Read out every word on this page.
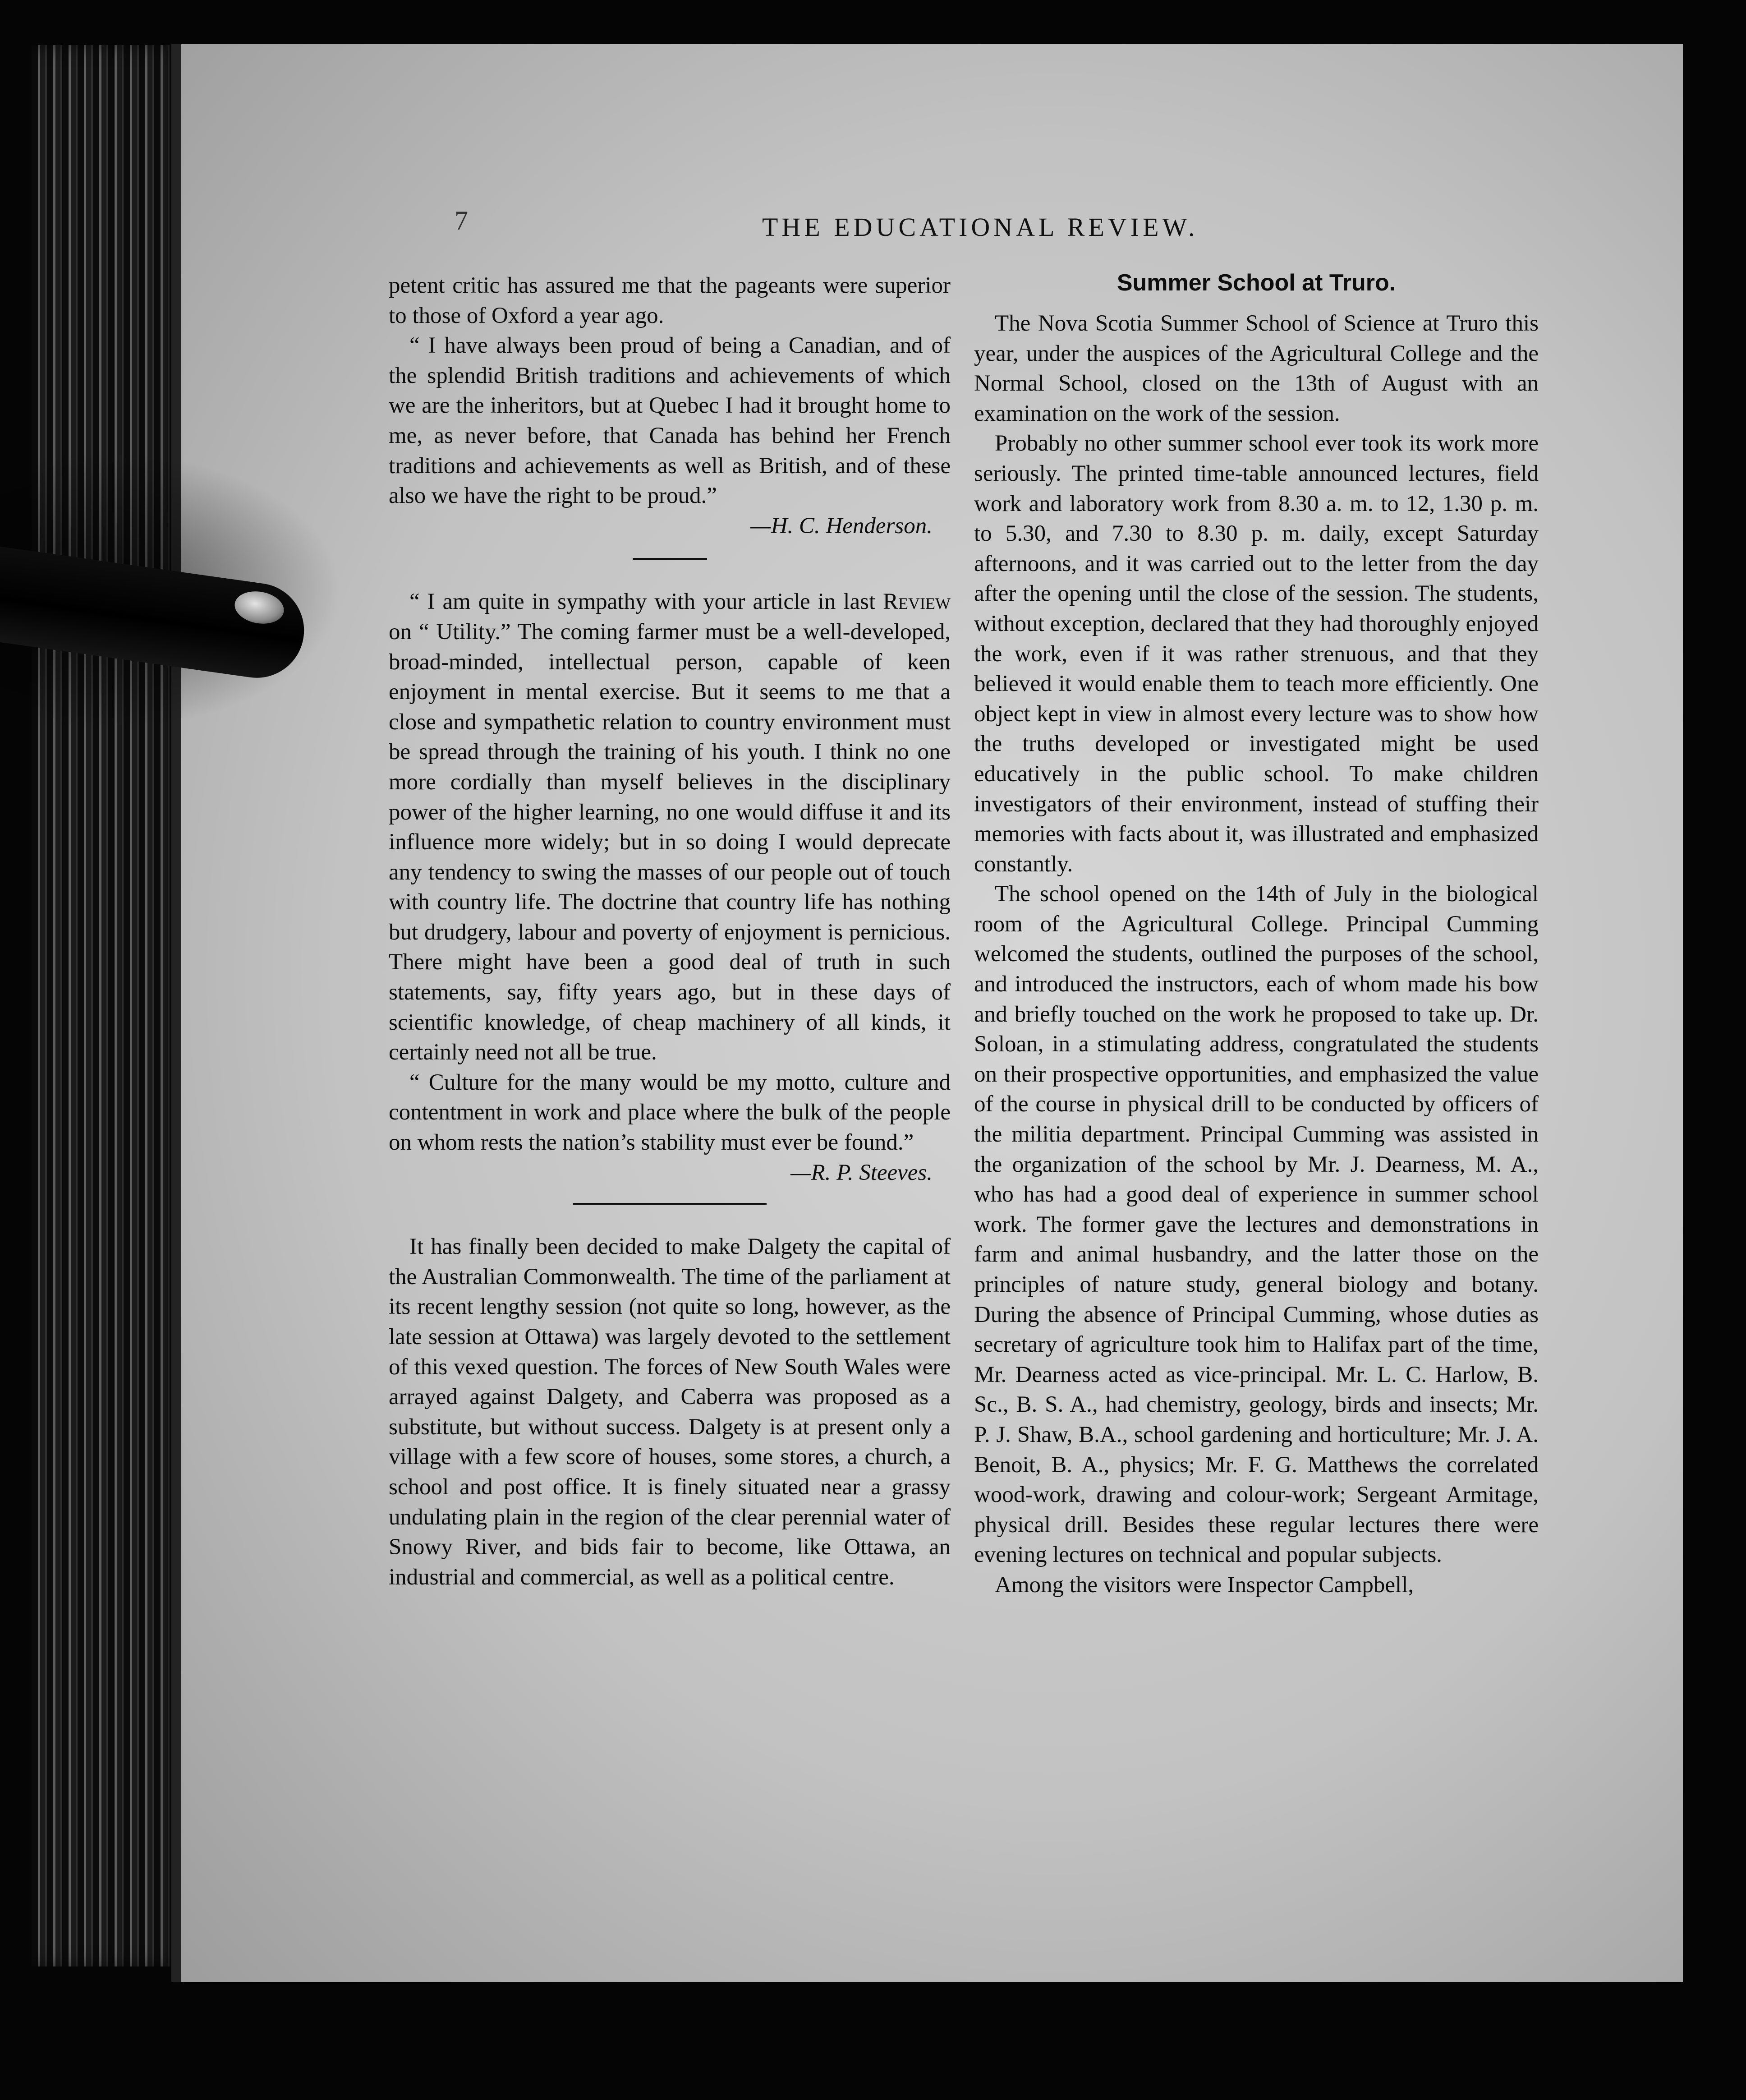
7	THE EDUCATIONAL REVIEW.

petent critic has assured me that the pageants were superior to those of Oxford a year ago.

“ I have always been proud of being a Canadian, and of the splendid British traditions and achievements of which we are the inheritors, but at Quebec I had it brought home to me, as never before, that Canada has behind her French traditions and achievements as well as British, and of these also we have the right to be proud.”

—H. C. Henderson.

“ I am quite in sympathy with your article in last Review on “ Utility.” The coming farmer must be a well-developed, broad-minded, intellectual person, capable of keen enjoyment in mental exercise. But it seems to me that a close and sympathetic relation to country environment must be spread through the training of his youth. I think no one more cordially than myself believes in the disciplinary power of the higher learning, no one would diffuse it and its influence more widely; but in so doing I would deprecate any tendency to swing the masses of our people out of touch with country life. The doctrine that country life has nothing but drudgery, labour and poverty of enjoyment is pernicious. There might have been a good deal of truth in such statements, say, fifty years ago, but in these days of scientific knowledge, of cheap machinery of all kinds, it certainly need not all be true.

“ Culture for the many would be my motto, culture and contentment in work and place where the bulk of the people on whom rests the nation’s stability must ever be found.”

—R. P. Steeves.

It has finally been decided to make Dalgety the capital of the Australian Commonwealth. The time of the parliament at its recent lengthy session (not quite so long, however, as the late session at Ottawa) was largely devoted to the settlement of this vexed question. The forces of New South Wales were arrayed against Dalgety, and Caberra was proposed as a substitute, but without success. Dalgety is at present only a village with a few score of houses, some stores, a church, a school and post office. It is finely situated near a grassy undulating plain in the region of the clear perennial water of Snowy River, and bids fair to become, like Ottawa, an industrial and commercial, as well as a political centre.

Summer School at Truro.

The Nova Scotia Summer School of Science at Truro this year, under the auspices of the Agricultural College and the Normal School, closed on the 13th of August with an examination on the work of the session.

Probably no other summer school ever took its work more seriously. The printed time-table announced lectures, field work and laboratory work from 8.30 a. m. to 12, 1.30 p. m. to 5.30, and 7.30 to 8.30 p. m. daily, except Saturday afternoons, and it was carried out to the letter from the day after the opening until the close of the session. The students, without exception, declared that they had thoroughly enjoyed the work, even if it was rather strenuous, and that they believed it would enable them to teach more efficiently. One object kept in view in almost every lecture was to show how the truths developed or investigated might be used educatively in the public school. To make children investigators of their environment, instead of stuffing their memories with facts about it, was illustrated and emphasized constantly.

The school opened on the 14th of July in the biological room of the Agricultural College. Principal Cumming welcomed the students, outlined the purposes of the school, and introduced the instructors, each of whom made his bow and briefly touched on the work he proposed to take up. Dr. Soloan, in a stimulating address, congratulated the students on their prospective opportunities, and emphasized the value of the course in physical drill to be conducted by officers of the militia department. Principal Cumming was assisted in the organization of the school by Mr. J. Dearness, M. A., who has had a good deal of experience in summer school work. The former gave the lectures and demonstrations in farm and animal husbandry, and the latter those on the principles of nature study, general biology and botany. During the absence of Principal Cumming, whose duties as secretary of agriculture took him to Halifax part of the time, Mr. Dearness acted as vice-principal. Mr. L. C. Harlow, B. Sc., B. S. A., had chemistry, geology, birds and insects; Mr. P. J. Shaw, B.A., school gardening and horticulture; Mr. J. A. Benoit, B. A., physics; Mr. F. G. Matthews the correlated wood-work, drawing and colour-work; Sergeant Armitage, physical drill. Besides these regular lectures there were evening lectures on technical and popular subjects.

Among the visitors were Inspector Campbell,
